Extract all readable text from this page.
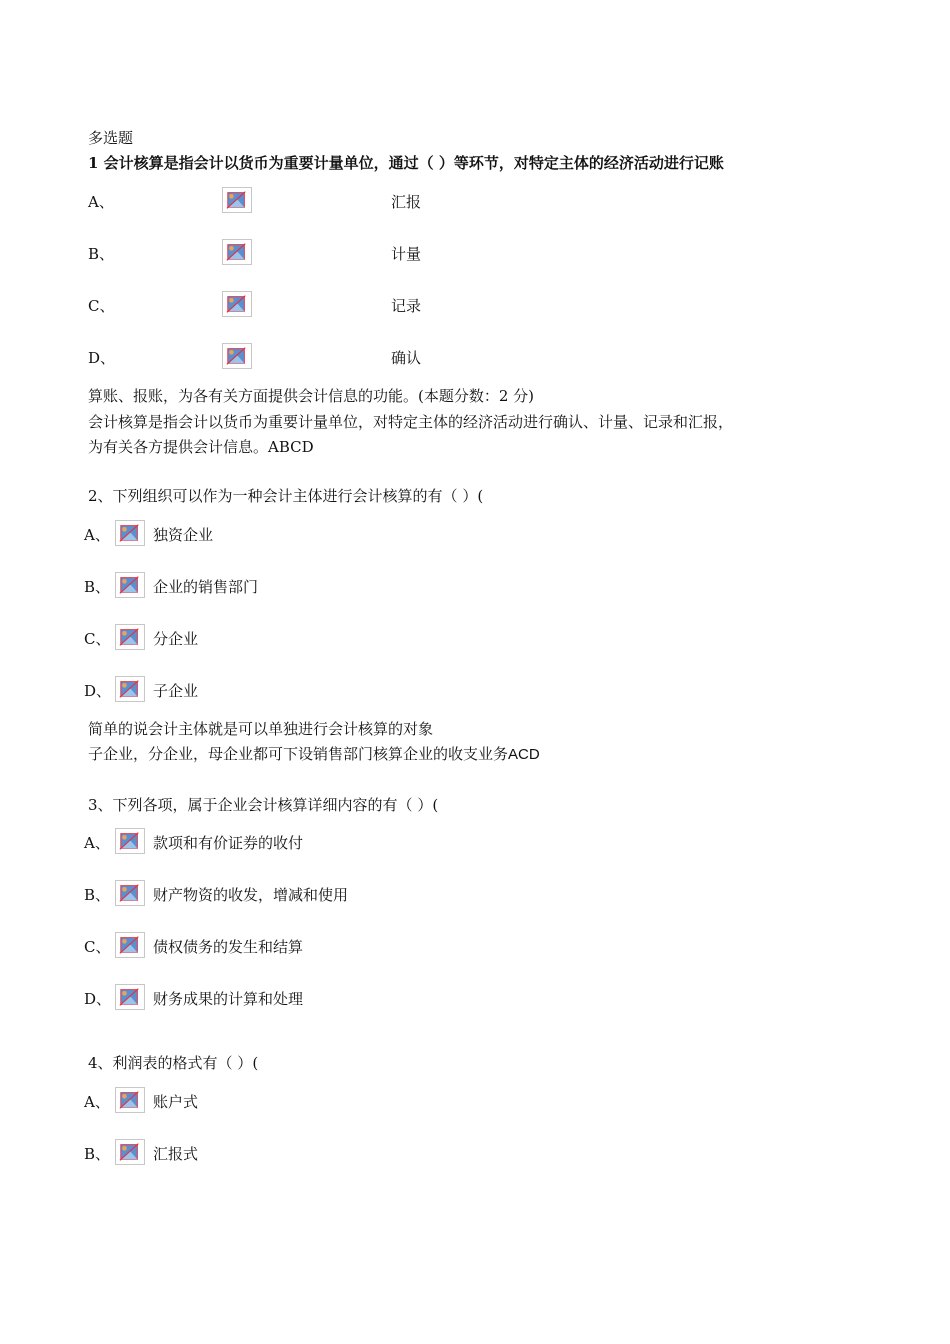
多选题
1 会计核算是指会计以货币为重要计量单位，通过（ ）等环节，对特定主体的经济活动进行记账
A、	汇报
B、	计量
C、	记录
D、	确认
算账、报账，为各有关方面提供会计信息的功能。(本题分数：2 分)
会计核算是指会计以货币为重要计量单位，对特定主体的经济活动进行确认、计量、记录和汇报，
为有关各方提供会计信息。ABCD
2、下列组织可以作为一种会计主体进行会计核算的有（ ）(
A、	独资企业
B、	企业的销售部门
C、	分企业
D、	子企业
简单的说会计主体就是可以单独进行会计核算的对象
子企业，分企业，母企业都可下设销售部门核算企业的收支业务ACD
3、下列各项，属于企业会计核算详细内容的有（ ）(
A、	款项和有价证券的收付
B、	财产物资的收发，增减和使用
C、	债权债务的发生和结算
D、	财务成果的计算和处理
4、利润表的格式有（ ）(
A、	账户式
B、	汇报式
